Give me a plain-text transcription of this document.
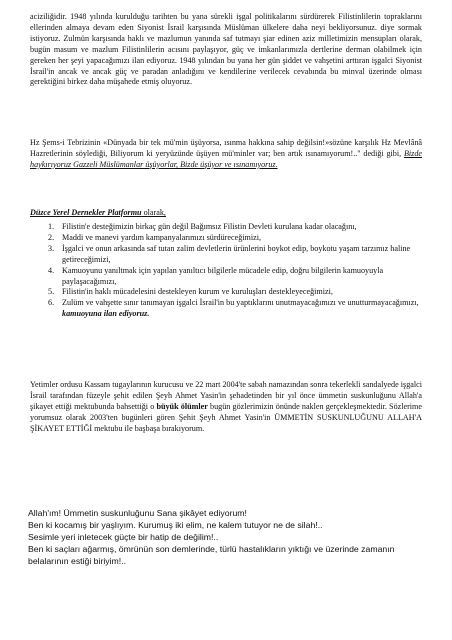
aciziliğidir. 1948 yılında kurulduğu tarihten bu yana sürekli işgal politikalarını sürdürerek Filistinlilerin topraklarını ellerinden almaya devam eden Siyonist İsrail karşısında Müslüman ülkelere daha neyi bekliyorsunuz. diye sormak istiyoruz. Zulmün karşısında haklı ve mazlumun yanında saf tutmayı şiar edinen aziz milletimizin mensupları olarak, bugün masum ve mazlum Filistinlilerin acısını paylaşıyor, güç ve imkanlarımızla dertlerine derman olabilmek için gereken her şeyi yapacağımızı ilan ediyoruz. 1948 yılından bu yana her gün şiddet ve vahşetini arttıran işgalci Siyonist İsrail'in ancak ve ancak güç ve paradan anladığını ve kendilerine verilecek cevabında bu minval üzerinde olması gerektiğini birkez daha müşahede etmiş oluyoruz.

Hz Şems-i Tebrizinin «Dünyada bir tek mü'min üşüyorsa, ısınma hakkına sahip değilsin!»sözüne karşılık Hz Mevlânâ Hazretlerinin söylediği, Biliyorum ki yeryüzünde üşüyen mü'minler var; ben artık ısınamıyorum!.." dediği gibi, Bizde haykırıyoruz Gazzeli Müslümanlar üşüyorlar, Bizde üşüyor ve ısınamıyoruz.

Düzce Yerel Dernekler Platformu olarak,

1. Filistin'e desteğimizin birkaç gün değil Bağımsız Filistin Devleti kurulana kadar olacağını,
2. Maddi ve manevi yardım kampanyalarımızı sürdüreceğimizi,
3. İşgalci ve onun arkasında saf tutan zalim devletlerin ürünlerini boykot edip, boykotu yaşam tarzımız haline getireceğimizi,
4. Kamuoyunu yanıltmak için yapılan yanıltıcı bilgilerle mücadele edip, doğru bilgilerin kamuoyuyla paylaşacağımızı,
5. Filistin'in haklı mücadelesini destekleyen kurum ve kuruluşları destekleyeceğimizi,
6. Zulüm ve vahşette sınır tanımayan işgalci İsrail'in bu yaptıklarını unutmayacağımızı ve unutturmayacağımızı, kamuoyuna ilan ediyoruz.

Yetimler ordusu Kassam tugaylarının kurucusu ve 22 mart 2004'te sabah namazından sonra tekerlekli sandalyede işgalci İsrail tarafından füzeyle şehit edilen Şeyh Ahmet Yasin'in şehadetinden bir yıl önce ümmetin suskunluğunu Allah'a şikayet ettiği mektubunda bahsettiği o büyük ölümler bugün gözlerimizin önünde naklen gerçekleşmektedir. Sözlerime yorumsuz olarak 2003'ten bugünleri gören Şehit Şeyh Ahmet Yasin'in ÜMMETİN SUSKUNLUĞUNU ALLAH'A ŞİKAYET ETTİĞİ mektubu ile başbaşa bırakıyorum.

Allah'ım! Ümmetin suskunluğunu Sana şikâyet ediyorum!

Ben ki kocamış bir yaşlıyım. Kurumuş iki elim, ne kalem tutuyor ne de silah!..

Sesimle yeri inletecek güçte bir hatip de değilim!..

Ben ki saçları ağarmış, ömrünün son demlerinde, türlü hastalıkların yıktığı ve üzerinde zamanın belalarının estiği biriyim!..
